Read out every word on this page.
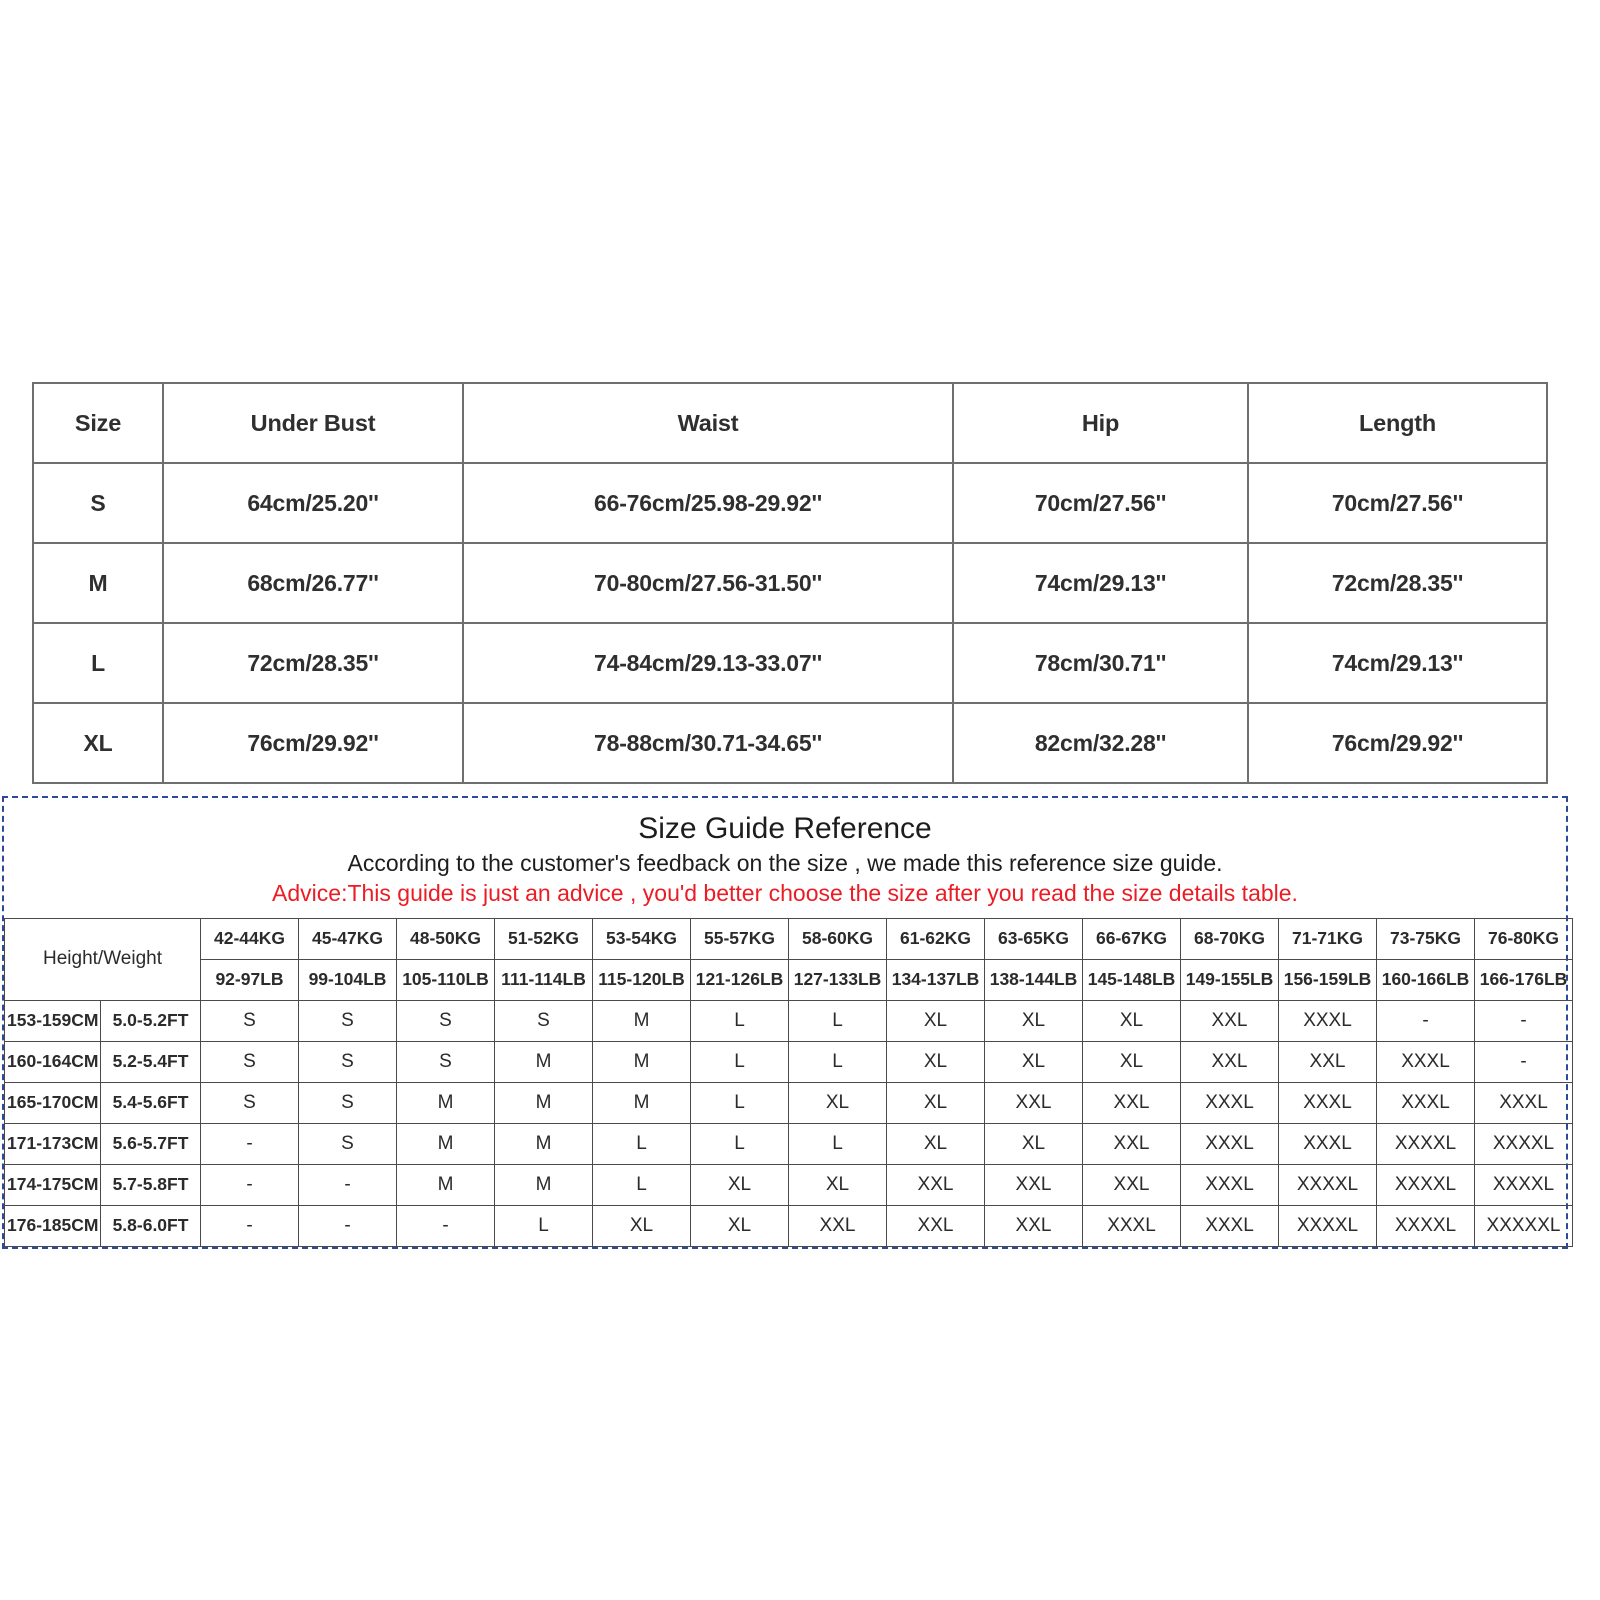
Size	Under Bust	Waist	Hip	Length
S	64cm/25.20''	66-76cm/25.98-29.92''	70cm/27.56''	70cm/27.56''
M	68cm/26.77''	70-80cm/27.56-31.50''	74cm/29.13''	72cm/28.35''
L	72cm/28.35''	74-84cm/29.13-33.07''	78cm/30.71''	74cm/29.13''
XL	76cm/29.92''	78-88cm/30.71-34.65''	82cm/32.28''	76cm/29.92''
Size Guide Reference
According to the customer's feedback on the size , we made this reference size guide.
Advice:This guide is just an advice , you'd better choose the size after you read the size details table.
Height/Weight		42-44KG	45-47KG	48-50KG	51-52KG	53-54KG	55-57KG	58-60KG	61-62KG	63-65KG	66-67KG	68-70KG	71-71KG	73-75KG	76-80KG
		92-97LB	99-104LB	105-110LB	111-114LB	115-120LB	121-126LB	127-133LB	134-137LB	138-144LB	145-148LB	149-155LB	156-159LB	160-166LB	166-176LB
153-159CM	5.0-5.2FT	S	S	S	S	M	L	L	XL	XL	XL	XXL	XXXL	-	-
160-164CM	5.2-5.4FT	S	S	S	M	M	L	L	XL	XL	XL	XXL	XXL	XXXL	-
165-170CM	5.4-5.6FT	S	S	M	M	M	L	XL	XL	XXL	XXL	XXXL	XXXL	XXXL	XXXL
171-173CM	5.6-5.7FT	-	S	M	M	L	L	L	XL	XL	XXL	XXXL	XXXL	XXXXL	XXXXL
174-175CM	5.7-5.8FT	-	-	M	M	L	XL	XL	XXL	XXL	XXL	XXXL	XXXXL	XXXXL	XXXXL
176-185CM	5.8-6.0FT	-	-	-	L	XL	XL	XXL	XXL	XXL	XXXL	XXXL	XXXXL	XXXXL	XXXXXL
